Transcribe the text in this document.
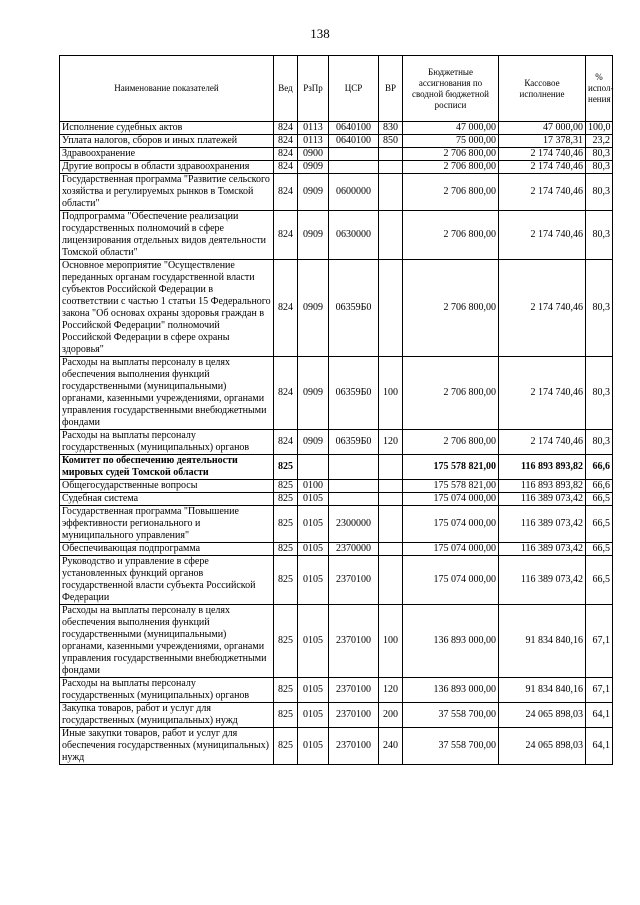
138
Наименование показателей	Вед	РзПр	ЦСР	ВР	Бюджетные ассигнования по сводной бюджетной росписи	Кассовое исполнение	% испол-нения
Исполнение судебных актов	824	0113	0640100	830	47 000,00	47 000,00	100,0
Уплата налогов, сборов и иных платежей	824	0113	0640100	850	75 000,00	17 378,31	23,2
Здравоохранение	824	0900			2 706 800,00	2 174 740,46	80,3
Другие вопросы в области здравоохранения	824	0909			2 706 800,00	2 174 740,46	80,3
Государственная программа "Развитие сельского хозяйства и регулируемых рынков в Томской области"	824	0909	0600000		2 706 800,00	2 174 740,46	80,3
Подпрограмма "Обеспечение реализации государственных полномочий в сфере лицензирования отдельных видов деятельности Томской области"	824	0909	0630000		2 706 800,00	2 174 740,46	80,3
Основное мероприятие "Осуществление переданных органам государственной власти субъектов Российской Федерации в соответствии с частью 1 статьи 15 Федерального закона "Об основах охраны здоровья граждан в Российской Федерации" полномочий Российской Федерации в сфере охраны здоровья"	824	0909	06359Б0		2 706 800,00	2 174 740,46	80,3
Расходы на выплаты персоналу в целях обеспечения выполнения функций государственными (муниципальными) органами, казенными учреждениями, органами управления государственными внебюджетными фондами	824	0909	06359Б0	100	2 706 800,00	2 174 740,46	80,3
Расходы на выплаты персоналу государственных (муниципальных) органов	824	0909	06359Б0	120	2 706 800,00	2 174 740,46	80,3
Комитет по обеспечению деятельности мировых судей Томской области	825				175 578 821,00	116 893 893,82	66,6
Общегосударственные вопросы	825	0100			175 578 821,00	116 893 893,82	66,6
Судебная система	825	0105			175 074 000,00	116 389 073,42	66,5
Государственная программа "Повышение эффективности регионального и муниципального управления"	825	0105	2300000		175 074 000,00	116 389 073,42	66,5
Обеспечивающая подпрограмма	825	0105	2370000		175 074 000,00	116 389 073,42	66,5
Руководство и управление в сфере установленных функций органов государственной власти субъекта Российской Федерации	825	0105	2370100		175 074 000,00	116 389 073,42	66,5
Расходы на выплаты персоналу в целях обеспечения выполнения функций государственными (муниципальными) органами, казенными учреждениями, органами управления государственными внебюджетными фондами	825	0105	2370100	100	136 893 000,00	91 834 840,16	67,1
Расходы на выплаты персоналу государственных (муниципальных) органов	825	0105	2370100	120	136 893 000,00	91 834 840,16	67,1
Закупка товаров, работ и услуг для государственных (муниципальных) нужд	825	0105	2370100	200	37 558 700,00	24 065 898,03	64,1
Иные закупки товаров, работ и услуг для обеспечения государственных (муниципальных) нужд	825	0105	2370100	240	37 558 700,00	24 065 898,03	64,1
